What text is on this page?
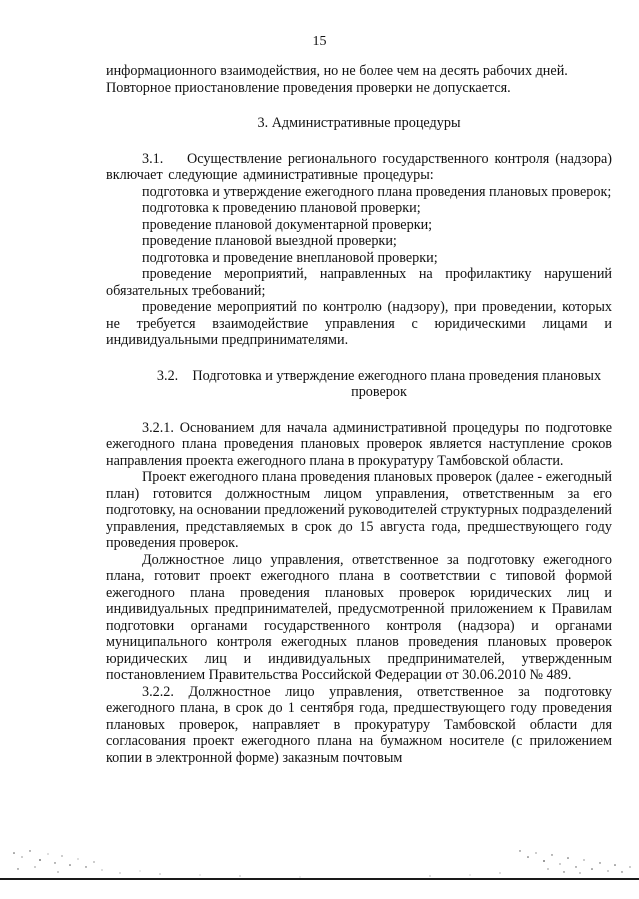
15

информационного взаимодействия, но не более чем на десять рабочих дней.

Повторное приостановление проведения проверки не допускается.

3. Административные процедуры

3.1.    Осуществление регионального государственного контроля (надзора) включает следующие административные процедуры:

подготовка и утверждение ежегодного плана проведения плановых проверок;

подготовка к проведению плановой проверки;

проведение плановой документарной проверки;

проведение плановой выездной проверки;

подготовка и проведение внеплановой проверки;

проведение мероприятий, направленных на профилактику нарушений обязательных требований;

проведение мероприятий по контролю (надзору), при проведении, которых не требуется взаимодействие управления с юридическими лицами и индивидуальными предпринимателями.

3.2.    Подготовка и утверждение ежегодного плана проведения плановых проверок

3.2.1. Основанием для начала административной процедуры по подготовке ежегодного плана проведения плановых проверок является наступление сроков направления проекта ежегодного плана в прокуратуру Тамбовской области.

Проект ежегодного плана проведения плановых проверок (далее - ежегодный план) готовится должностным лицом управления, ответственным за его подготовку, на основании предложений руководителей структурных подразделений управления, представляемых в срок до 15 августа года, предшествующего году проведения проверок.

Должностное лицо управления, ответственное за подготовку ежегодного плана, готовит проект ежегодного плана в соответствии с типовой формой ежегодного плана проведения плановых проверок юридических лиц и индивидуальных предпринимателей, предусмотренной приложением к Правилам подготовки органами государственного контроля (надзора) и органами муниципального контроля ежегодных планов проведения плановых проверок юридических лиц и индивидуальных предпринимателей, утвержденным постановлением Правительства Российской Федерации от 30.06.2010 № 489.

3.2.2. Должностное лицо управления, ответственное за подготовку ежегодного плана, в срок до 1 сентября года, предшествующего году проведения плановых проверок, направляет в прокуратуру Тамбовской области для согласования проект ежегодного плана на бумажном носителе (с приложением копии в электронной форме) заказным почтовым
